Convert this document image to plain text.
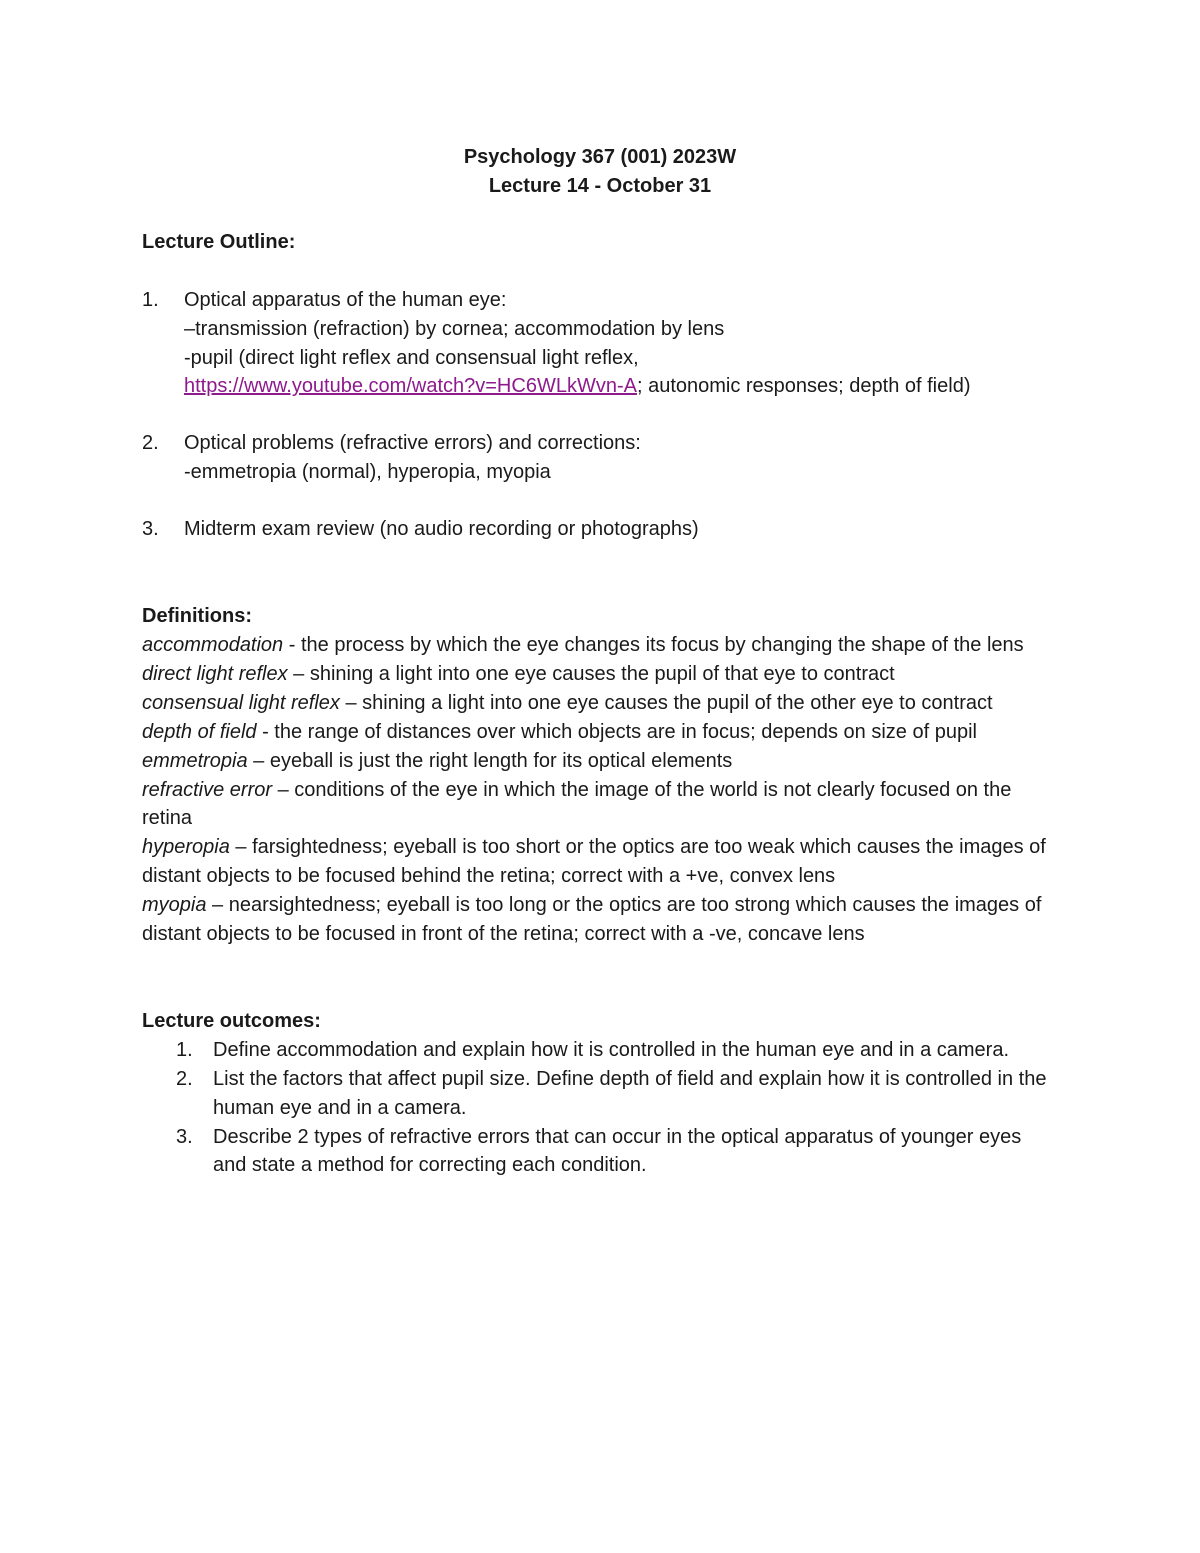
Psychology 367 (001) 2023W
Lecture 14 - October 31
Lecture Outline:
1.	Optical apparatus of the human eye:
–transmission (refraction) by cornea; accommodation by lens
-pupil (direct light reflex and consensual light reflex,
https://www.youtube.com/watch?v=HC6WLkWvn-A; autonomic responses; depth of field)
2.	Optical problems (refractive errors) and corrections:
-emmetropia (normal), hyperopia, myopia
3.	Midterm exam review (no audio recording or photographs)
Definitions:
accommodation - the process by which the eye changes its focus by changing the shape of the lens
direct light reflex – shining a light into one eye causes the pupil of that eye to contract
consensual light reflex – shining a light into one eye causes the pupil of the other eye to contract
depth of field - the range of distances over which objects are in focus; depends on size of pupil
emmetropia – eyeball is just the right length for its optical elements
refractive error – conditions of the eye in which the image of the world is not clearly focused on the retina
hyperopia – farsightedness; eyeball is too short or the optics are too weak which causes the images of distant objects to be focused behind the retina; correct with a +ve, convex lens
myopia – nearsightedness; eyeball is too long or the optics are too strong which causes the images of distant objects to be focused in front of the retina; correct with a -ve, concave lens
Lecture outcomes:
1.	Define accommodation and explain how it is controlled in the human eye and in a camera.
2.	List the factors that affect pupil size. Define depth of field and explain how it is controlled in the human eye and in a camera.
3.	Describe 2 types of refractive errors that can occur in the optical apparatus of younger eyes and state a method for correcting each condition.
